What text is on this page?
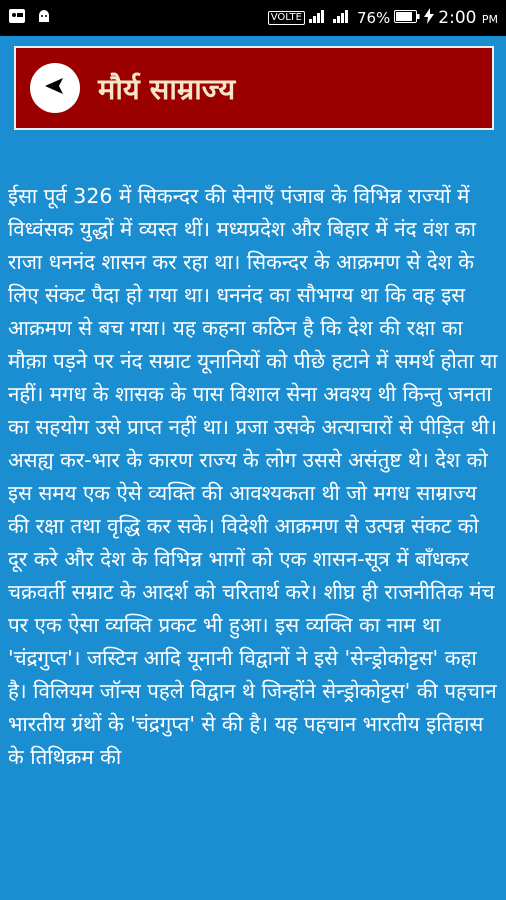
VOLTE	76%	2:00 PM
मौर्य साम्राज्य

ईसा पूर्व 326 में सिकन्दर की सेनाएँ पंजाब के विभिन्न राज्यों में विध्वंसक युद्धों में व्यस्त थीं। मध्यप्रदेश और बिहार में नंद वंश का राजा धननंद शासन कर रहा था। सिकन्दर के आक्रमण से देश के लिए संकट पैदा हो गया था। धननंद का सौभाग्य था कि वह इस आक्रमण से बच गया। यह कहना कठिन है कि देश की रक्षा का मौक़ा पड़ने पर नंद सम्राट यूनानियों को पीछे हटाने में समर्थ होता या नहीं। मगध के शासक के पास विशाल सेना अवश्य थी किन्तु जनता का सहयोग उसे प्राप्त नहीं था। प्रजा उसके अत्याचारों से पीड़ित थी। असह्य कर-भार के कारण राज्य के लोग उससे असंतुष्ट थे। देश को इस समय एक ऐसे व्यक्ति की आवश्यकता थी जो मगध साम्राज्य की रक्षा तथा वृद्धि कर सके। विदेशी आक्रमण से उत्पन्न संकट को दूर करे और देश के विभिन्न भागों को एक शासन-सूत्र में बाँधकर चक्रवर्ती सम्राट के आदर्श को चरितार्थ करे। शीघ्र ही राजनीतिक मंच पर एक ऐसा व्यक्ति प्रकट भी हुआ। इस व्यक्ति का नाम था 'चंद्रगुप्त'। जस्टिन आदि यूनानी विद्वानों ने इसे 'सेन्ड्रोकोट्टस' कहा है। विलियम जॉन्स पहले विद्वान थे जिन्होंने सेन्ड्रोकोट्टस' की पहचान भारतीय ग्रंथों के 'चंद्रगुप्त' से की है। यह पहचान भारतीय इतिहास के तिथिक्रम की
